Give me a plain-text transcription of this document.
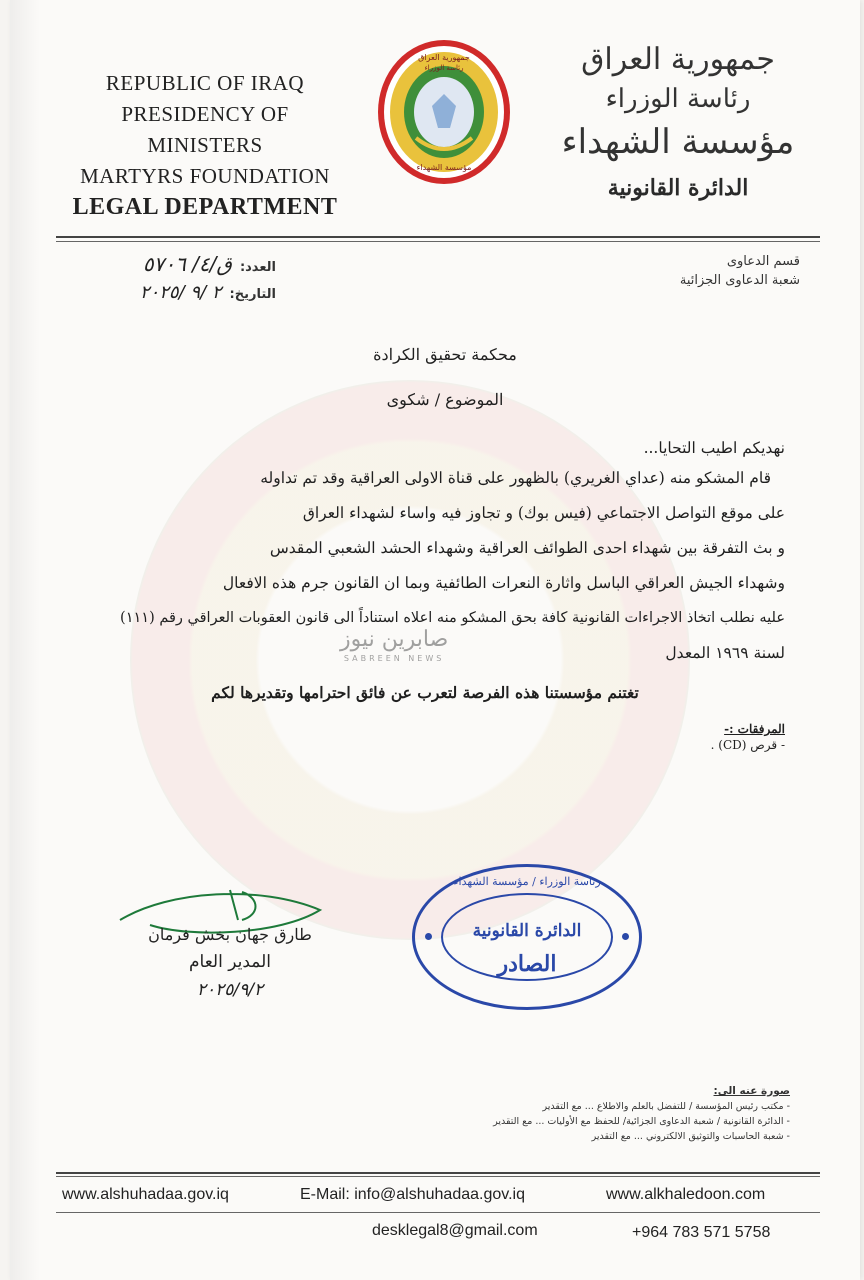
REPUBLIC OF IRAQ
PRESIDENCY OF MINISTERS
MARTYRS FOUNDATION
LEGAL DEPARTMENT
جمهورية العراق
رئاسة الوزراء
مؤسسة الشهداء
جمهورية العراق
رئاسة الوزراء
مؤسسة الشهداء
الدائرة القانونية
العدد:
ق/٤/ ٥٧٠٦
التاريخ:
٢ /٩ /٢٠٢٥
قسم الدعاوى
شعبة الدعاوى الجزائية
محكمة تحقيق الكرادة
الموضوع / شكوى
نهديكم اطيب التحايا...
قام المشكو منه (عداي الغريري) بالظهور على قناة الاولى العراقية وقد تم تداوله
على موقع التواصل الاجتماعي (فيس بوك) و تجاوز فيه واساء لشهداء العراق
و بث التفرقة بين شهداء احدى الطوائف العراقية وشهداء الحشد الشعبي المقدس
وشهداء الجيش العراقي الباسل واثارة النعرات الطائفية وبما ان القانون جرم هذه الافعال
عليه نطلب اتخاذ الاجراءات القانونية كافة بحق المشكو منه اعلاه استناداً الى قانون العقوبات العراقي رقم (١١١)
لسنة ١٩٦٩ المعدل
تغتنم مؤسستنا هذه الفرصة لتعرب عن فائق احترامها وتقديرها لكم
المرفقات :-
- قرص (CD) .
صابرين نيوز
SABREEN NEWS
طارق جهان بخش فرمان
المدير العام
٢٠٢٥/٩/٢
رئاسة الوزراء / مؤسسة الشهداء
الدائرة القانونية
الصادر
صورة عنه الى:
- مكتب رئيس المؤسسة / للتفضل بالعلم والاطلاع ... مع التقدير
- الدائرة القانونية / شعبة الدعاوى الجزائية/ للحفظ مع الأوليات ... مع التقدير
- شعبة الحاسبات والتوثيق الالكتروني ... مع التقدير
www.alshuhadaa.gov.iq	E-Mail: info@alshuhadaa.gov.iq	www.alkhaledoon.com
desklegal8@gmail.com	+964 783 571 5758
